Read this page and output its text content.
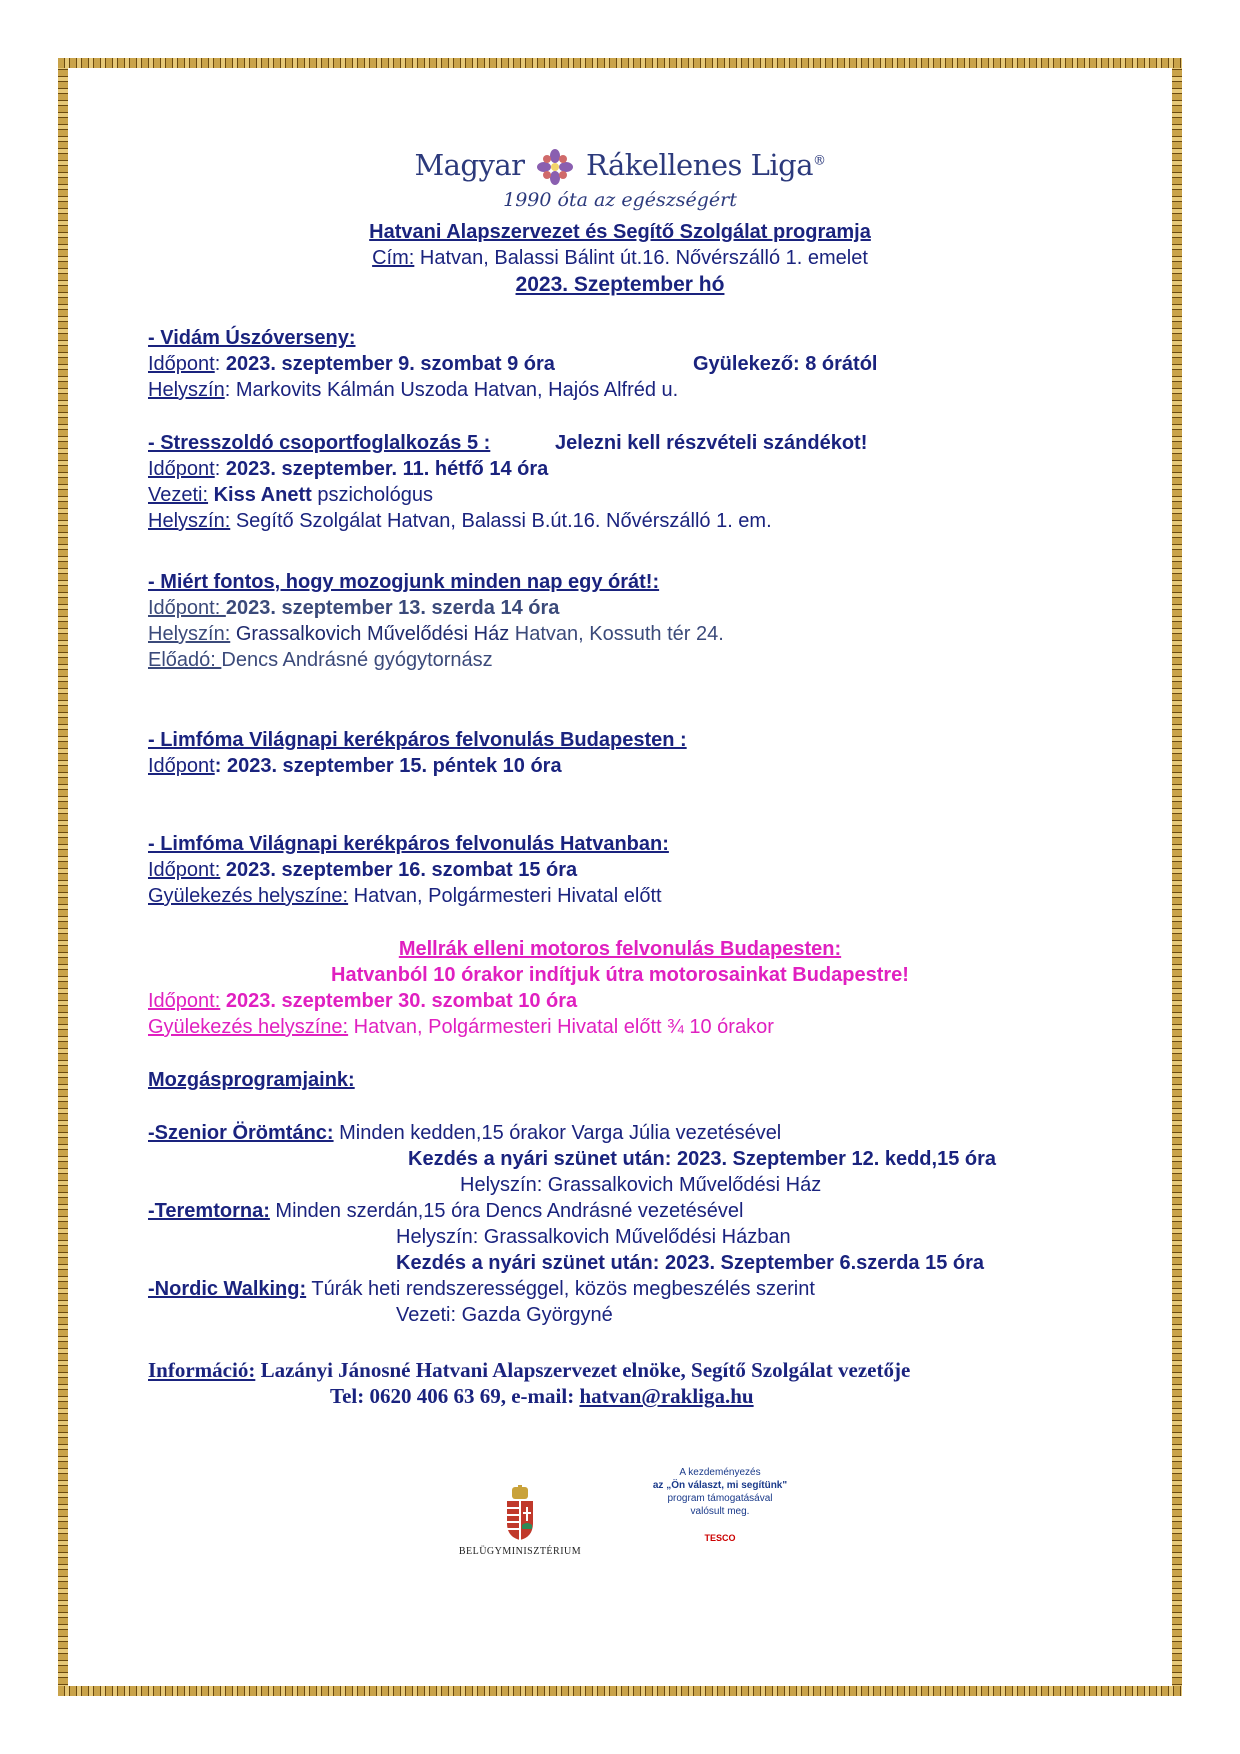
Magyar Rákellenes Liga®
1990 óta az egészségért
Hatvani Alapszervezet és Segítő Szolgálat programja
Cím: Hatvan, Balassi Bálint út.16. Nővérszálló 1. emelet
2023. Szeptember hó
- Vidám Úszóverseny:
Időpont: 2023. szeptember 9. szombat 9 óra	Gyülekező: 8 órától
Helyszín: Markovits Kálmán Uszoda Hatvan, Hajós Alfréd u.
- Stresszoldó csoportfoglalkozás 5 :	Jelezni kell részvételi szándékot!
Időpont: 2023. szeptember. 11. hétfő 14 óra
Vezeti: Kiss Anett pszichológus
Helyszín: Segítő Szolgálat Hatvan, Balassi B.út.16. Nővérszálló 1. em.
- Miért fontos, hogy mozogjunk minden nap egy órát!:
Időpont: 2023. szeptember 13. szerda 14 óra
Helyszín: Grassalkovich Művelődési Ház Hatvan, Kossuth tér 24.
Előadó: Dencs Andrásné gyógytornász
- Limfóma Világnapi kerékpáros felvonulás Budapesten :
Időpont: 2023. szeptember 15. péntek 10 óra
- Limfóma Világnapi kerékpáros felvonulás Hatvanban:
Időpont: 2023. szeptember 16. szombat 15 óra
Gyülekezés helyszíne: Hatvan, Polgármesteri Hivatal előtt
Mellrák elleni motoros felvonulás Budapesten:
Hatvanból 10 órakor indítjuk útra motorosainkat Budapestre!
Időpont: 2023. szeptember 30. szombat 10 óra
Gyülekezés helyszíne: Hatvan, Polgármesteri Hivatal előtt ¾ 10 órakor
Mozgásprogramjaink:
-Szenior Örömtánc: Minden kedden,15 órakor Varga Júlia vezetésével
Kezdés a nyári szünet után: 2023. Szeptember 12. kedd,15 óra
Helyszín: Grassalkovich Művelődési Ház
-Teremtorna: Minden szerdán,15 óra Dencs Andrásné vezetésével
Helyszín: Grassalkovich Művelődési Házban
Kezdés a nyári szünet után: 2023. Szeptember 6.szerda 15 óra
-Nordic Walking: Túrák heti rendszerességgel, közös megbeszélés szerint
Vezeti: Gazda Györgyné
Információ: Lazányi Jánosné Hatvani Alapszervezet elnöke, Segítő Szolgálat vezetője
Tel: 0620 406 63 69, e-mail: hatvan@rakliga.hu
BELÜGYMINISZTÉRIUM
A kezdeményezés
az „Ön választ, mi segítünk"
program támogatásával
valósult meg.
TESCO
